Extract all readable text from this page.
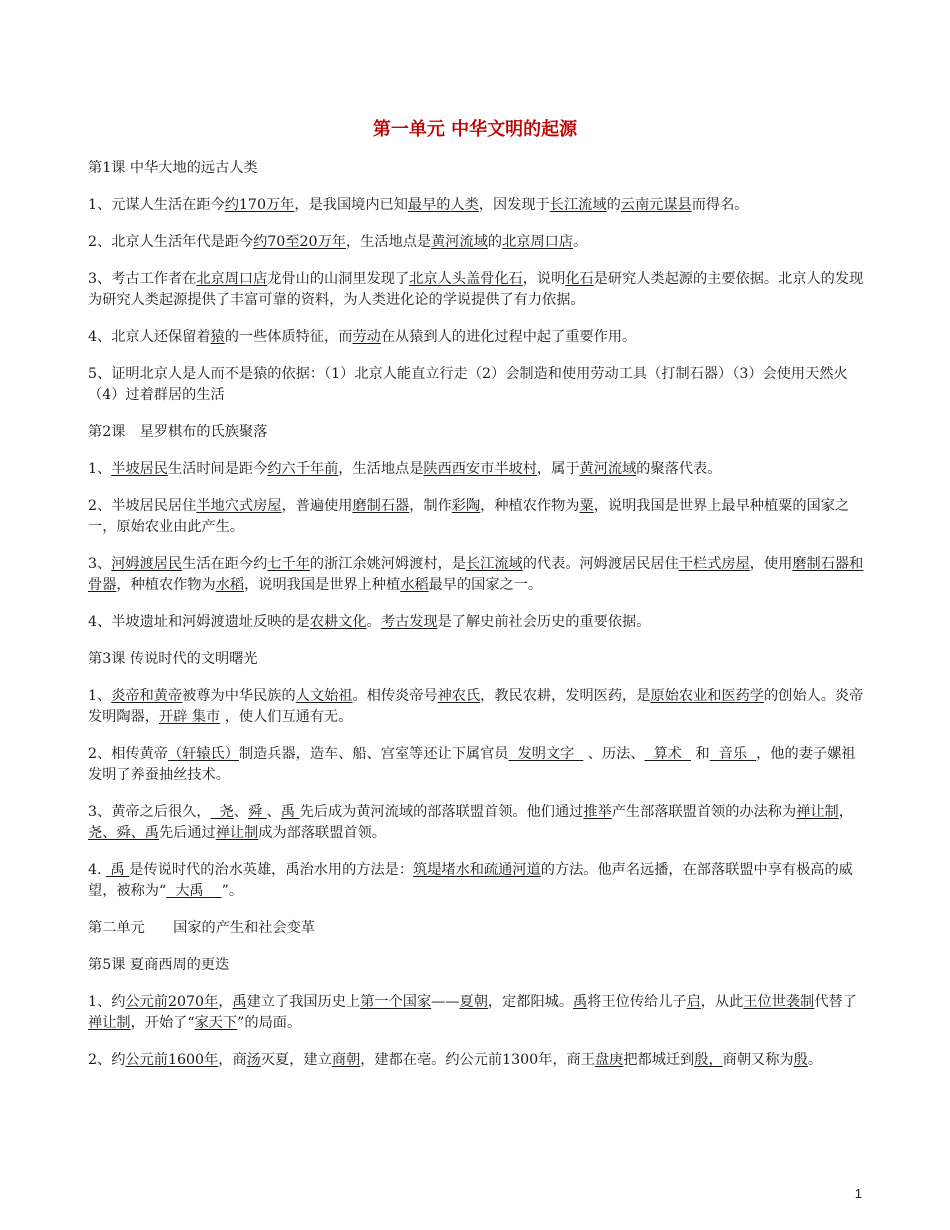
第一单元 中华文明的起源
第1课 中华大地的远古人类
1、元谋人生活在距今约170万年，是我国境内已知最早的人类，因发现于长江流域的云南元谋县而得名。
2、北京人生活年代是距今约70至20万年，生活地点是黄河流域的北京周口店。
3、考古工作者在北京周口店龙骨山的山洞里发现了北京人头盖骨化石，说明化石是研究人类起源的主要依据。北京人的发现为研究人类起源提供了丰富可靠的资料，为人类进化论的学说提供了有力依据。
4、北京人还保留着猿的一些体质特征，而劳动在从猿到人的进化过程中起了重要作用。
5、证明北京人是人而不是猿的依据：（1）北京人能直立行走（2）会制造和使用劳动工具（打制石器）（3）会使用天然火（4）过着群居的生活
第2课　星罗棋布的氏族聚落
1、半坡居民生活时间是距今约六千年前，生活地点是陕西西安市半坡村，属于黄河流域的聚落代表。
2、半坡居民居住半地穴式房屋，普遍使用磨制石器，制作彩陶，种植农作物为粟，说明我国是世界上最早种植粟的国家之一，原始农业由此产生。
3、河姆渡居民生活在距今约七千年的浙江余姚河姆渡村，是长江流域的代表。河姆渡居民居住干栏式房屋，使用磨制石器和骨器，种植农作物为水稻，说明我国是世界上种植水稻最早的国家之一。
4、半坡遗址和河姆渡遗址反映的是农耕文化。考古发现是了解史前社会历史的重要依据。
第3课 传说时代的文明曙光
1、炎帝和黄帝被尊为中华民族的人文始祖。相传炎帝号神农氏，教民农耕，发明医药，是原始农业和医药学的创始人。炎帝发明陶器，开辟 集市 ，使人们互通有无。
2、相传黄帝（轩辕氏）制造兵器，造车、船、宫室等还让下属官员  发明文字   、历法、  算术   和  音乐  ，他的妻子嫘祖发明了养蚕抽丝技术。
3、黄帝之后很久，  尧、舜 、禹 先后成为黄河流域的部落联盟首领。他们通过推举产生部落联盟首领的办法称为禅让制，尧、舜、禹先后通过禅让制成为部落联盟首领。
4.  禹 是传说时代的治水英雄，禹治水用的方法是：筑堤堵水和疏通河道的方法。他声名远播，在部落联盟中享有极高的威望，被称为“  大禹    ”。
第二单元　　国家的产生和社会变革
第5课 夏商西周的更迭
1、约公元前2070年，禹建立了我国历史上第一个国家——夏朝，定都阳城。禹将王位传给儿子启，从此王位世袭制代替了禅让制，开始了“家天下”的局面。
2、约公元前1600年，商汤灭夏，建立商朝，建都在亳。约公元前1300年，商王盘庚把都城迁到殷，商朝又称为殷。
1
